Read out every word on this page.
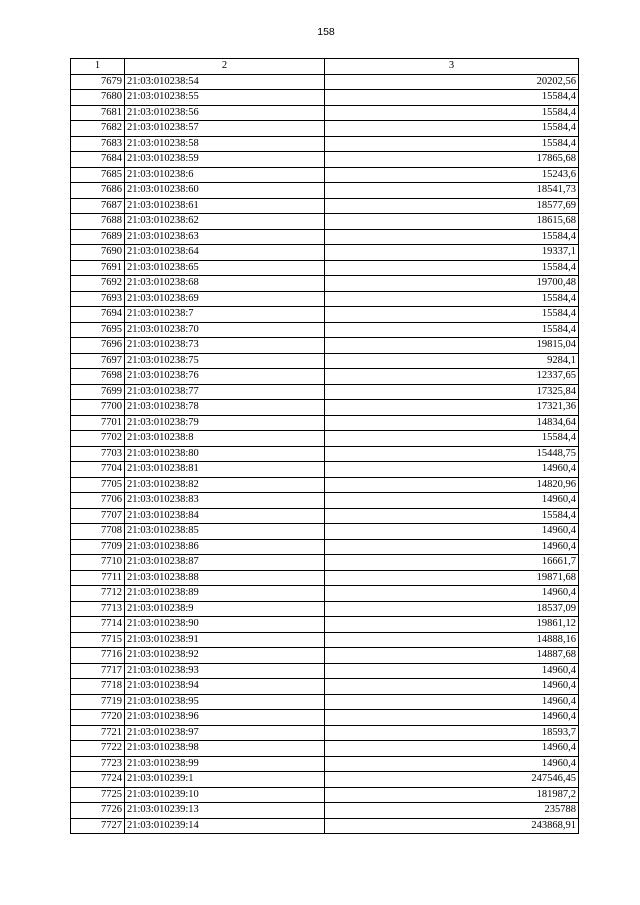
158
1	2	3
7679	21:03:010238:54	20202,56
7680	21:03:010238:55	15584,4
7681	21:03:010238:56	15584,4
7682	21:03:010238:57	15584,4
7683	21:03:010238:58	15584,4
7684	21:03:010238:59	17865,68
7685	21:03:010238:6	15243,6
7686	21:03:010238:60	18541,73
7687	21:03:010238:61	18577,69
7688	21:03:010238:62	18615,68
7689	21:03:010238:63	15584,4
7690	21:03:010238:64	19337,1
7691	21:03:010238:65	15584,4
7692	21:03:010238:68	19700,48
7693	21:03:010238:69	15584,4
7694	21:03:010238:7	15584,4
7695	21:03:010238:70	15584,4
7696	21:03:010238:73	19815,04
7697	21:03:010238:75	9284,1
7698	21:03:010238:76	12337,65
7699	21:03:010238:77	17325,84
7700	21:03:010238:78	17321,36
7701	21:03:010238:79	14834,64
7702	21:03:010238:8	15584,4
7703	21:03:010238:80	15448,75
7704	21:03:010238:81	14960,4
7705	21:03:010238:82	14820,96
7706	21:03:010238:83	14960,4
7707	21:03:010238:84	15584,4
7708	21:03:010238:85	14960,4
7709	21:03:010238:86	14960,4
7710	21:03:010238:87	16661,7
7711	21:03:010238:88	19871,68
7712	21:03:010238:89	14960,4
7713	21:03:010238:9	18537,09
7714	21:03:010238:90	19861,12
7715	21:03:010238:91	14888,16
7716	21:03:010238:92	14887,68
7717	21:03:010238:93	14960,4
7718	21:03:010238:94	14960,4
7719	21:03:010238:95	14960,4
7720	21:03:010238:96	14960,4
7721	21:03:010238:97	18593,7
7722	21:03:010238:98	14960,4
7723	21:03:010238:99	14960,4
7724	21:03:010239:1	247546,45
7725	21:03:010239:10	181987,2
7726	21:03:010239:13	235788
7727	21:03:010239:14	243868,91
